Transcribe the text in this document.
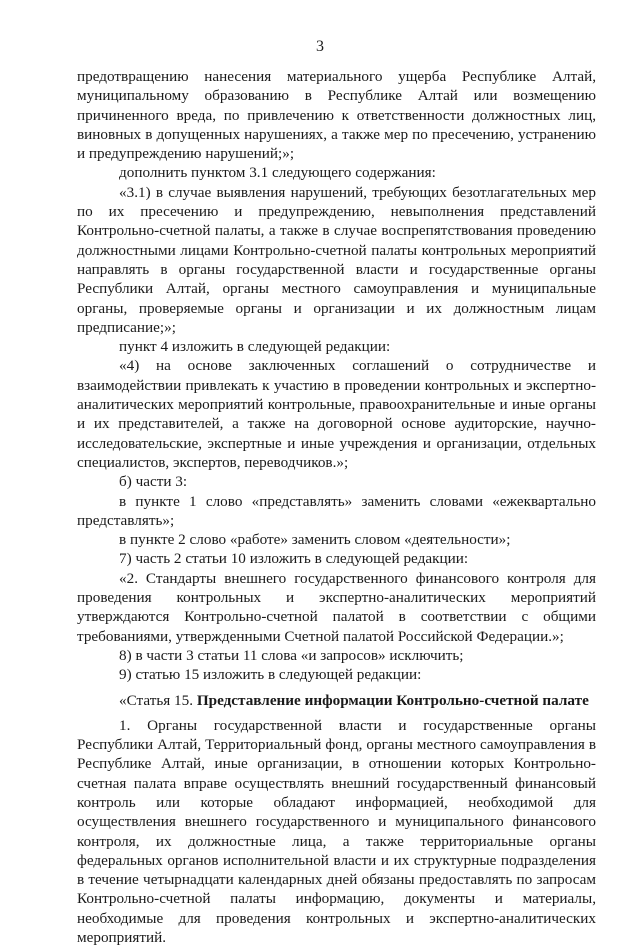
3

предотвращению нанесения материального ущерба Республике Алтай, муниципальному образованию в Республике Алтай или возмещению причиненного вреда, по привлечению к ответственности должностных лиц, виновных в допущенных нарушениях, а также мер по пресечению, устранению и предупреждению нарушений;»;

дополнить пунктом 3.1 следующего содержания:

«3.1) в случае выявления нарушений, требующих безотлагательных мер по их пресечению и предупреждению, невыполнения представлений Контрольно-счетной палаты, а также в случае воспрепятствования проведению должностными лицами Контрольно-счетной палаты контрольных мероприятий направлять в органы государственной власти и государственные органы Республики Алтай, органы местного самоуправления и муниципальные органы, проверяемые органы и организации и их должностным лицам предписание;»;

пункт 4 изложить в следующей редакции:

«4) на основе заключенных соглашений о сотрудничестве и взаимодействии привлекать к участию в проведении контрольных и экспертно-аналитических мероприятий контрольные, правоохранительные и иные органы и их представителей, а также на договорной основе аудиторские, научно-исследовательские, экспертные и иные учреждения и организации, отдельных специалистов, экспертов, переводчиков.»;

б) части 3:

в пункте 1 слово «представлять» заменить словами «ежеквартально представлять»;

в пункте 2 слово «работе» заменить словом «деятельности»;

7) часть 2 статьи 10 изложить в следующей редакции:

«2. Стандарты внешнего государственного финансового контроля для проведения контрольных и экспертно-аналитических мероприятий утверждаются Контрольно-счетной палатой в соответствии с общими требованиями, утвержденными Счетной палатой Российской Федерации.»;

8) в части 3 статьи 11 слова «и запросов» исключить;

9) статью 15 изложить в следующей редакции:

«Статья 15. Представление информации Контрольно-счетной палате

1. Органы государственной власти и государственные органы Республики Алтай, Территориальный фонд, органы местного самоуправления в Республике Алтай, иные организации, в отношении которых Контрольно-счетная палата вправе осуществлять внешний государственный финансовый контроль или которые обладают информацией, необходимой для осуществления внешнего государственного и муниципального финансового контроля, их должностные лица, а также территориальные органы федеральных органов исполнительной власти и их структурные подразделения в течение четырнадцати календарных дней обязаны предоставлять по запросам Контрольно-счетной палаты информацию, документы и материалы, необходимые для проведения контрольных и экспертно-аналитических мероприятий.
